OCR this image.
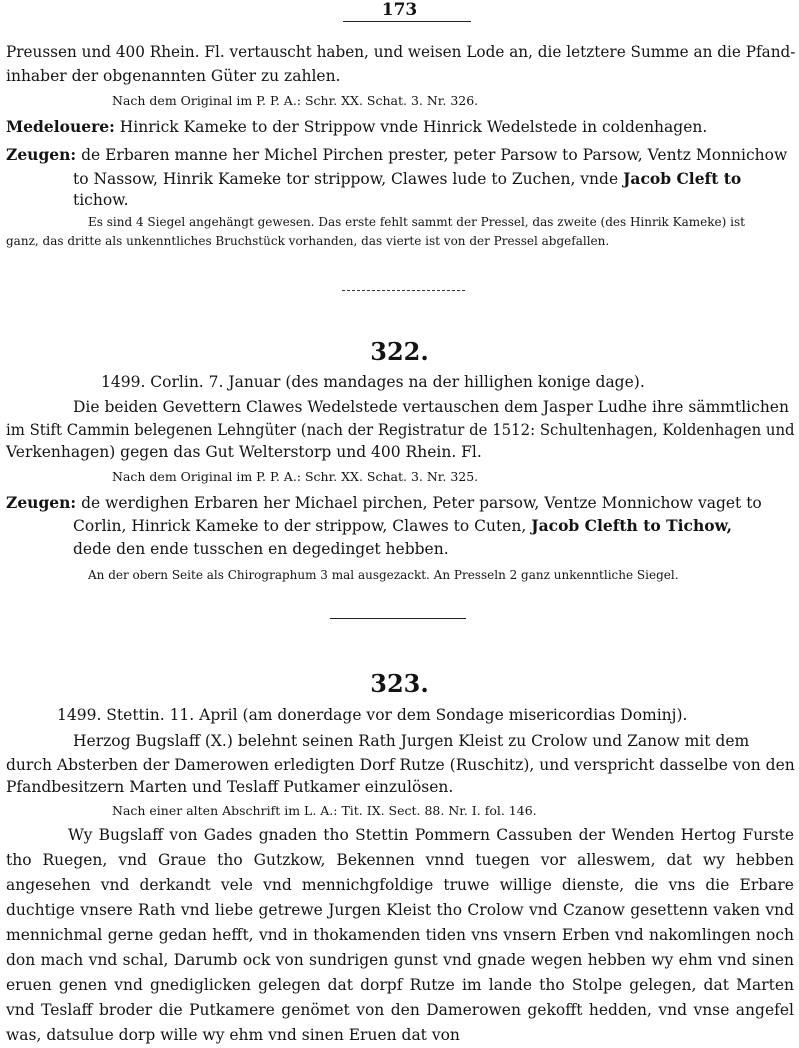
173
Preussen und 400 Rhein. Fl. vertauscht haben, und weisen Lode an, die letztere Summe an die Pfand-
inhaber der obgenannten Güter zu zahlen.
Nach dem Original im P. P. A.: Schr. XX. Schat. 3. Nr. 326.
Medelouere: Hinrick Kameke to der Strippow vnde Hinrick Wedelstede in coldenhagen.
Zeugen: de Erbaren manne her Michel Pirchen prester, peter Parsow to Parsow, Ventz Monnichow
to Nassow, Hinrik Kameke tor strippow, Clawes lude to Zuchen, vnde Jacob Cleft to
tichow.
Es sind 4 Siegel angehängt gewesen. Das erste fehlt sammt der Pressel, das zweite (des Hinrik Kameke) ist
ganz, das dritte als unkenntliches Bruchstück vorhanden, das vierte ist von der Pressel abgefallen.
322.
1499. Corlin. 7. Januar (des mandages na der hillighen konige dage).
Die beiden Gevettern Clawes Wedelstede vertauschen dem Jasper Ludhe ihre sämmtlichen
im Stift Cammin belegenen Lehngüter (nach der Registratur de 1512: Schultenhagen, Koldenhagen und
Verkenhagen) gegen das Gut Welterstorp und 400 Rhein. Fl.
Nach dem Original im P. P. A.: Schr. XX. Schat. 3. Nr. 325.
Zeugen: de werdighen Erbaren her Michael pirchen, Peter parsow, Ventze Monnichow vaget to
Corlin, Hinrick Kameke to der strippow, Clawes to Cuten, Jacob Clefth to Tichow,
dede den ende tusschen en degedinget hebben.
An der obern Seite als Chirographum 3 mal ausgezackt. An Presseln 2 ganz unkenntliche Siegel.
323.
1499. Stettin. 11. April (am donerdage vor dem Sondage misericordias Dominj).
Herzog Bugslaff (X.) belehnt seinen Rath Jurgen Kleist zu Crolow und Zanow mit dem
durch Absterben der Damerowen erledigten Dorf Rutze (Ruschitz), und verspricht dasselbe von den
Pfandbesitzern Marten und Teslaff Putkamer einzulösen.
Nach einer alten Abschrift im L. A.: Tit. IX. Sect. 88. Nr. I. fol. 146.

Wy Bugslaff von Gades gnaden tho Stettin Pommern Cassuben der Wenden Hertog Furste tho Ruegen, vnd Graue tho Gutzkow, Bekennen vnnd tuegen vor alleswem, dat wy hebben angesehen vnd derkandt vele vnd mennichgfoldige truwe willige dienste, die vns die Erbare duchtige vnsere Rath vnd liebe getrewe Jurgen Kleist tho Crolow vnd Czanow gesettenn vaken vnd mennichmal gerne gedan hefft, vnd in thokamenden tiden vns vnsern Erben vnd nakomlingen noch don mach vnd schal, Darumb ock von sundrigen gunst vnd gnade wegen hebben wy ehm vnd sinen eruen genen vnd gnediglicken gelegen dat dorpf Rutze im lande tho Stolpe gelegen, dat Marten vnd Teslaff broder die Putkamere genömet von den Damerowen gekofft hedden, vnd vnse angefel was, datsulue dorp wille wy ehm vnd sinen Eruen dat von
